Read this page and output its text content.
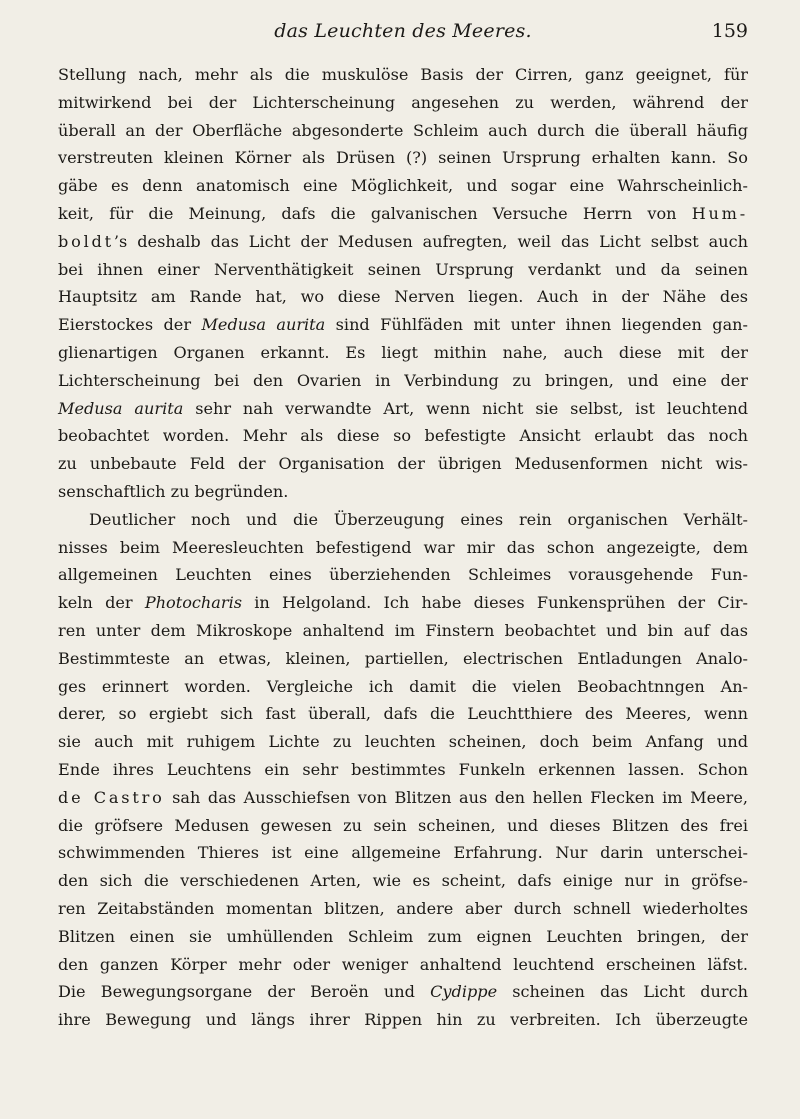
das Leuchten des Meeres.	159
Stellung nach, mehr als die muskulöse Basis der Cirren, ganz geeignet, für
mitwirkend bei der Lichterscheinung angesehen zu werden, während der
überall an der Oberfläche abgesonderte Schleim auch durch die überall häufig
verstreuten kleinen Körner als Drüsen (?) seinen Ursprung erhalten kann. So
gäbe es denn anatomisch eine Möglichkeit, und sogar eine Wahrscheinlich-
keit, für die Meinung, dafs die galvanischen Versuche Herrn von Hum-
boldt’s deshalb das Licht der Medusen aufregten, weil das Licht selbst auch
bei ihnen einer Nerventhätigkeit seinen Ursprung verdankt und da seinen
Hauptsitz am Rande hat, wo diese Nerven liegen. Auch in der Nähe des
Eierstockes der Medusa aurita sind Fühlfäden mit unter ihnen liegenden gan-
glienartigen Organen erkannt. Es liegt mithin nahe, auch diese mit der
Lichterscheinung bei den Ovarien in Verbindung zu bringen, und eine der
Medusa aurita sehr nah verwandte Art, wenn nicht sie selbst, ist leuchtend
beobachtet worden. Mehr als diese so befestigte Ansicht erlaubt das noch
zu unbebaute Feld der Organisation der übrigen Medusenformen nicht wis-
senschaftlich zu begründen.
Deutlicher noch und die Überzeugung eines rein organischen Verhält-
nisses beim Meeresleuchten befestigend war mir das schon angezeigte, dem
allgemeinen Leuchten eines überziehenden Schleimes vorausgehende Fun-
keln der Photocharis in Helgoland. Ich habe dieses Funkensprühen der Cir-
ren unter dem Mikroskope anhaltend im Finstern beobachtet und bin auf das
Bestimmteste an etwas, kleinen, partiellen, electrischen Entladungen Analo-
ges erinnert worden. Vergleiche ich damit die vielen Beobachtnngen An-
derer, so ergiebt sich fast überall, dafs die Leuchtthiere des Meeres, wenn
sie auch mit ruhigem Lichte zu leuchten scheinen, doch beim Anfang und
Ende ihres Leuchtens ein sehr bestimmtes Funkeln erkennen lassen. Schon
de Castro sah das Ausschiefsen von Blitzen aus den hellen Flecken im Meere,
die gröfsere Medusen gewesen zu sein scheinen, und dieses Blitzen des frei
schwimmenden Thieres ist eine allgemeine Erfahrung. Nur darin unterschei-
den sich die verschiedenen Arten, wie es scheint, dafs einige nur in gröfse-
ren Zeitabständen momentan blitzen, andere aber durch schnell wiederholtes
Blitzen einen sie umhüllenden Schleim zum eignen Leuchten bringen, der
den ganzen Körper mehr oder weniger anhaltend leuchtend erscheinen läfst.
Die Bewegungsorgane der Beroën und Cydippe scheinen das Licht durch
ihre Bewegung und längs ihrer Rippen hin zu verbreiten. Ich überzeugte
